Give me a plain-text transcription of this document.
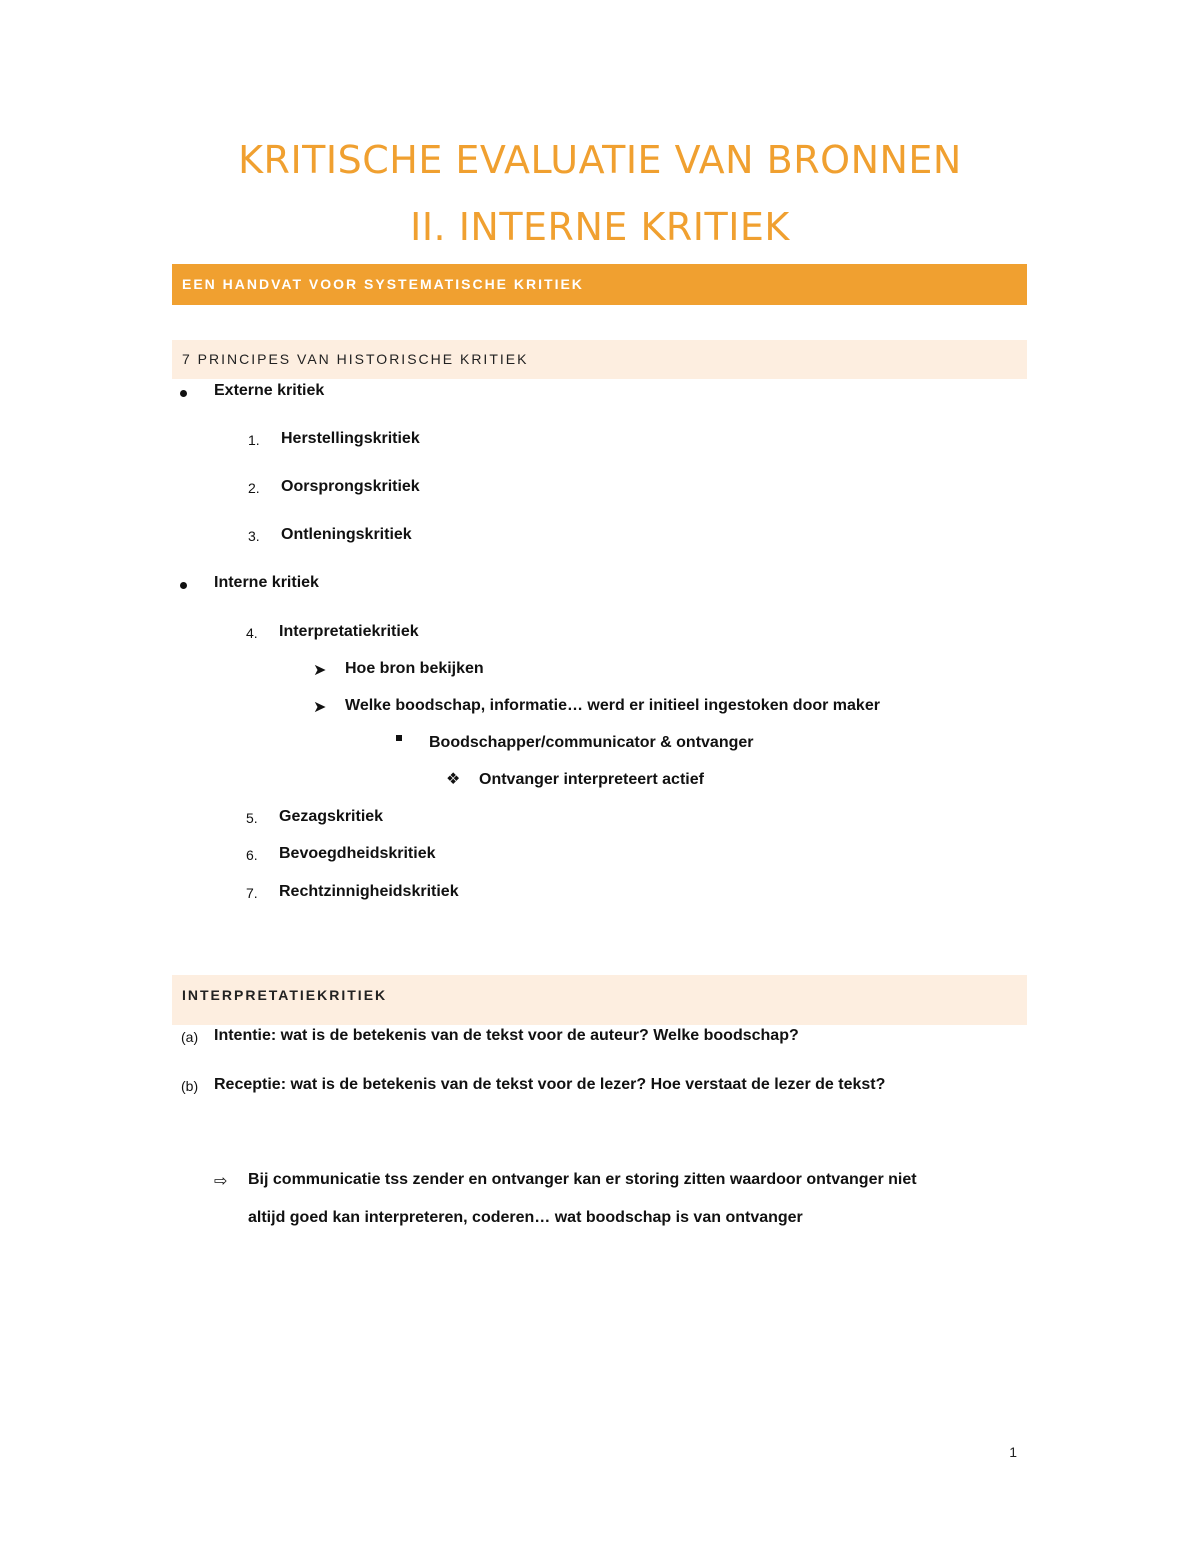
KRITISCHE EVALUATIE VAN BRONNEN
II. INTERNE KRITIEK
EEN HANDVAT VOOR SYSTEMATISCHE KRITIEK
7 PRINCIPES VAN HISTORISCHE KRITIEK
Externe kritiek
1. Herstellingskritiek
2. Oorsprongskritiek
3. Ontleningskritiek
Interne kritiek
4. Interpretatiekritiek
➤ Hoe bron bekijken
➤ Welke boodschap, informatie… werd er initieel ingestoken door maker
Boodschapper/communicator & ontvanger
❖ Ontvanger interpreteert actief
5. Gezagskritiek
6. Bevoegdheidskritiek
7. Rechtzinnigheidskritiek
INTERPRETATIEKRITIEK
(a) Intentie: wat is de betekenis van de tekst voor de auteur? Welke boodschap?
(b) Receptie: wat is de betekenis van de tekst voor de lezer? Hoe verstaat de lezer de tekst?
⇨ Bij communicatie tss zender en ontvanger kan er storing zitten waardoor ontvanger niet
altijd goed kan interpreteren, coderen… wat boodschap is van ontvanger
1
